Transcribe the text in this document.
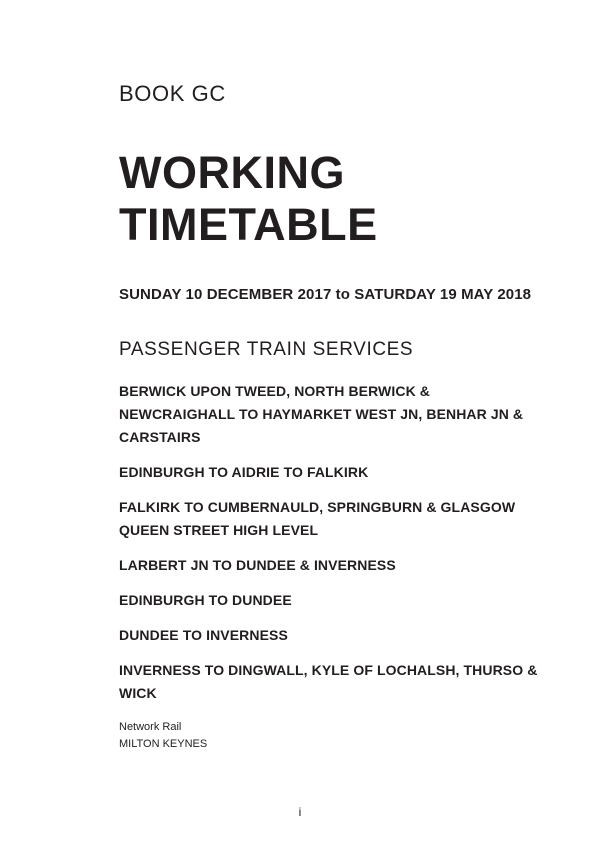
BOOK GC
WORKING TIMETABLE
SUNDAY 10 DECEMBER 2017 to SATURDAY 19 MAY 2018
PASSENGER TRAIN SERVICES

BERWICK UPON TWEED, NORTH BERWICK & NEWCRAIGHALL TO HAYMARKET WEST JN, BENHAR JN & CARSTAIRS

EDINBURGH TO AIDRIE TO FALKIRK

FALKIRK TO CUMBERNAULD, SPRINGBURN & GLASGOW QUEEN STREET HIGH LEVEL

LARBERT JN TO DUNDEE & INVERNESS

EDINBURGH TO DUNDEE

DUNDEE TO INVERNESS

INVERNESS TO DINGWALL, KYLE OF LOCHALSH, THURSO & WICK

Network Rail
MILTON KEYNES
i
